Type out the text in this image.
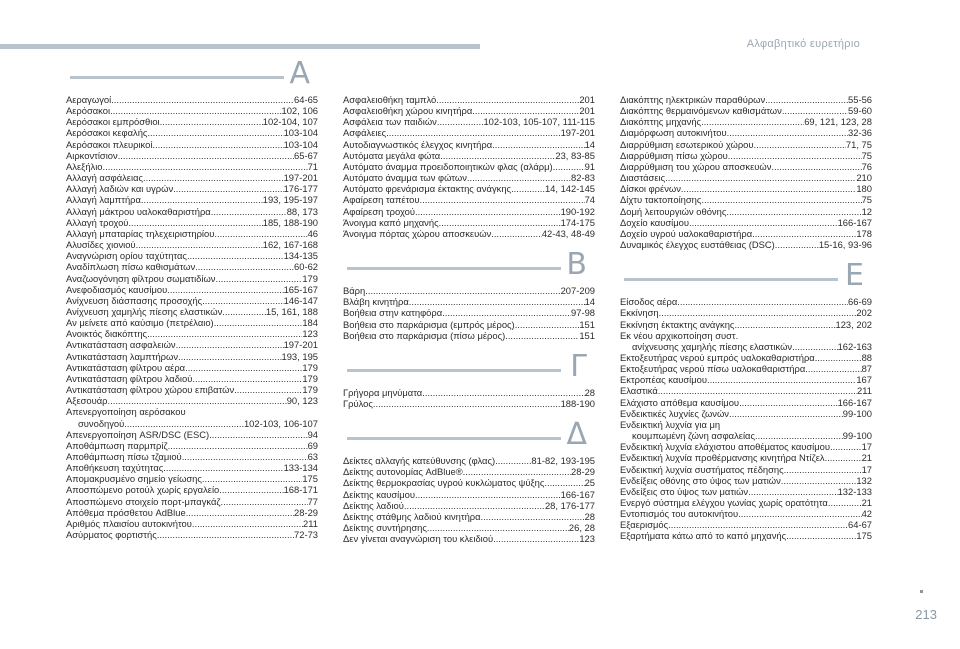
Αλφαβητικό ευρετήριο
A
Αεραγωγοί .....	64-65
Αερόσακοι .....	102, 106
Αερόσακοι εμπρόσθιοι .....	102-104, 107
Αερόσακοι κεφαλής .....	103-104
Αερόσακοι πλευρικοί .....	103-104
Αιρκοντίσιον .....	65-67
Αλεξήλιο .....	71
Αλλαγή ασφάλειας .....	197-201
Αλλαγή λαδιών και υγρών .....	176-177
Αλλαγή λαμπτήρα .....	193, 195-197
Αλλαγή μάκτρου υαλοκαθαριστήρα .....	88, 173
Αλλαγή τροχού .....	185, 188-190
Αλλαγή μπαταρίας τηλεχειριστηρίου .....	46
Αλυσίδες χιονιού .....	162, 167-168
Αναγνώριση ορίου ταχύτητας .....	134-135
Αναδίπλωση πίσω καθισμάτων .....	60-62
Αναζωογόνηση φίλτρου σωματιδίων .....	179
Ανεφοδιασμός καυσίμου .....	165-167
Ανίχνευση διάσπασης προσοχής .....	146-147
Ανίχνευση χαμηλής πίεσης ελαστικών .....	15, 161, 188
Αν μείνετε από καύσιμο (πετρέλαιο) .....	184
Ανοικτός διακόπτης .....	123
Αντικατάσταση ασφαλειών .....	197-201
Αντικατάσταση λαμπτήρων .....	193, 195
Αντικατάσταση φίλτρου αέρα .....	179
Αντικατάσταση φίλτρου λαδιού .....	179
Αντικατάσταση φίλτρου χώρου επιβατών .....	179
Αξεσουάρ .....	90, 123
Απενεργοποίηση αερόσακου
συνοδηγού .....	102-103, 106-107
Απενεργοποίηση ASR/DSC (ESC) .....	94
Αποθάμπωση παρμπρίζ .....	69
Αποθάμπωση πίσω τζαμιού .....	63
Αποθήκευση ταχύτητας .....	133-134
Απομακρυσμένο σημείο γείωσης .....	175
Αποσπώμενο ροτούλ χωρίς εργαλείο .....	168-171
Αποσπώμενο στοιχείο πορτ-μπαγκάζ .....	77
Απόθεμα πρόσθετου AdBlue .....	28-29
Αριθμός πλαισίου αυτοκινήτου .....	211
Ασύρματος φορτιστής .....	72-73
Ασφαλειοθήκη ταμπλό .....	201
Ασφαλειοθήκη χώρου κινητήρα .....	201
Ασφάλεια των παιδιών .....	102-103, 105-107, 111-115
Ασφάλειες .....	197-201
Αυτοδιαγνωστικός έλεγχος κινητήρα .....	14
Αυτόματα μεγάλα φώτα .....	23, 83-85
Αυτόματο άναμμα προειδοποιητικών φλας (αλάρμ) .....	91
Αυτόματο άναμμα των φώτων .....	82-83
Αυτόματο φρενάρισμα έκτακτης ανάγκης .....	14, 142-145
Αφαίρεση ταπέτου .....	74
Αφαίρεση τροχού .....	190-192
Άνοιγμα καπό μηχανής .....	174-175
Άνοιγμα πόρτας χώρου αποσκευών .....	42-43, 48-49
Β
Βάρη .....	207-209
Βλάβη κινητήρα .....	14
Βοήθεια στην κατηφόρα .....	97-98
Βοήθεια στο παρκάρισμα (εμπρός μέρος) .....	151
Βοήθεια στο παρκάρισμα (πίσω μέρος) .....	151
Γ
Γρήγορα μηνύματα .....	28
Γρύλος .....	188-190
Δ
Δείκτες αλλαγής κατεύθυνσης (φλας) .....	81-82, 193-195
Δείκτης αυτονομίας AdBlue® .....	28-29
Δείκτης θερμοκρασίας υγρού κυκλώματος ψύξης .....	25
Δείκτης καυσίμου .....	166-167
Δείκτης λαδιού .....	28, 176-177
Δείκτης στάθμης λαδιού κινητήρα .....	28
Δείκτης συντήρησης .....	26, 28
Δεν γίνεται αναγνώριση του κλειδιού .....	123
Διακόπτης ηλεκτρικών παραθύρων .....	55-56
Διακόπτης θερμαινόμενων καθισμάτων .....	59-60
Διακόπτης μηχανής .....	69, 121, 123, 28
Διαμόρφωση αυτοκινήτου .....	32-36
Διαρρύθμιση εσωτερικού χώρου .....	71, 75
Διαρρύθμιση πίσω χώρου .....	75
Διαρρύθμιση του χώρου αποσκευών .....	76
Διαστάσεις .....	210
Δίσκοι φρένων .....	180
Δίχτυ τακτοποίησης .....	75
Δομή λειτουργιών οθόνης .....	12
Δοχείο καυσίμου .....	166-167
Δοχείο υγρού υαλοκαθαριστήρα .....	178
Δυναμικός έλεγχος ευστάθειας (DSC) .....	15-16, 93-96
Ε
Είσοδος αέρα .....	66-69
Εκκίνηση .....	202
Εκκίνηση έκτακτης ανάγκης .....	123, 202
Εκ νέου αρχικοποίηση συστ.
ανίχνευσης χαμηλής πίεσης ελαστικών .....	162-163
Εκτοξευτήρας νερού εμπρός υαλοκαθαριστήρα .....	88
Εκτοξευτήρας νερού πίσω υαλοκαθαριστήρα .....	87
Εκτροπέας καυσίμου .....	167
Ελαστικά .....	211
Ελάχιστο απόθεμα καυσίμου .....	166-167
Ενδεικτικές λυχνίες ζωνών .....	99-100
Ενδεικτική λυχνία για μη
κουμπωμένη ζώνη ασφαλείας .....	99-100
Ενδεικτική λυχνία ελάχιστου αποθέματος καυσίμου .....	17
Ενδεικτική λυχνία προθέρμανσης κινητήρα Ντίζελ .....	21
Ενδεικτική λυχνία συστήματος πέδησης .....	17
Ενδείξεις οθόνης στο ύψος των ματιών .....	132
Ενδείξεις στο ύψος των ματιών .....	132-133
Ενεργό σύστημα ελέγχου γωνίας χωρίς ορατότητα .....	21
Εντοπισμός του αυτοκινήτου .....	42
Εξαερισμός .....	64-67
Εξαρτήματα κάτω από το καπό μηχανής .....	175
213
